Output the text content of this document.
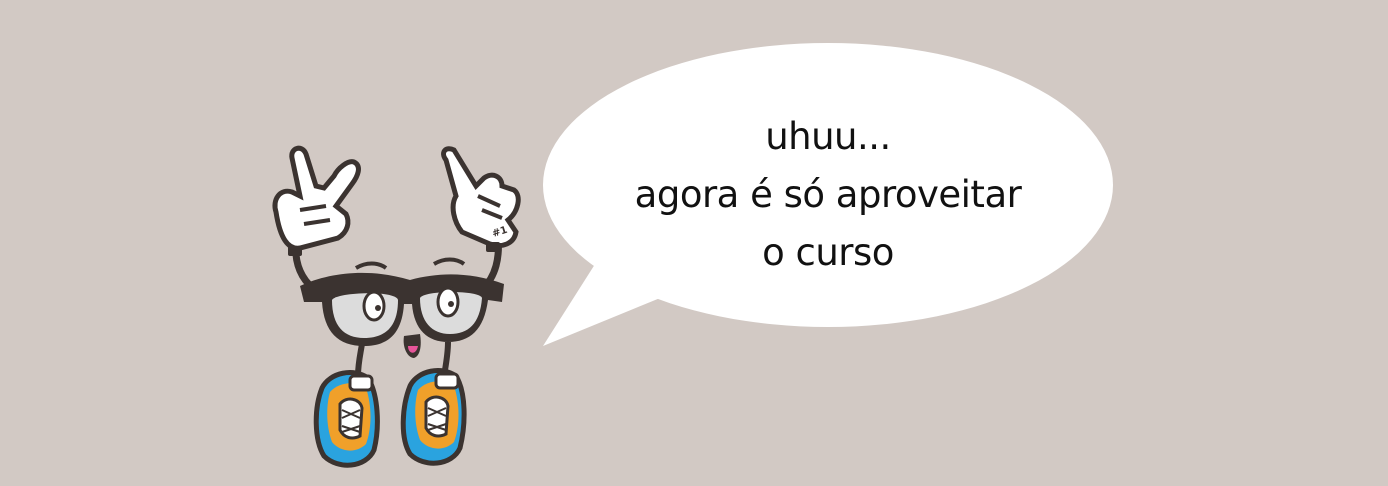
#1
uhuu...
agora é só aproveitar
o curso
